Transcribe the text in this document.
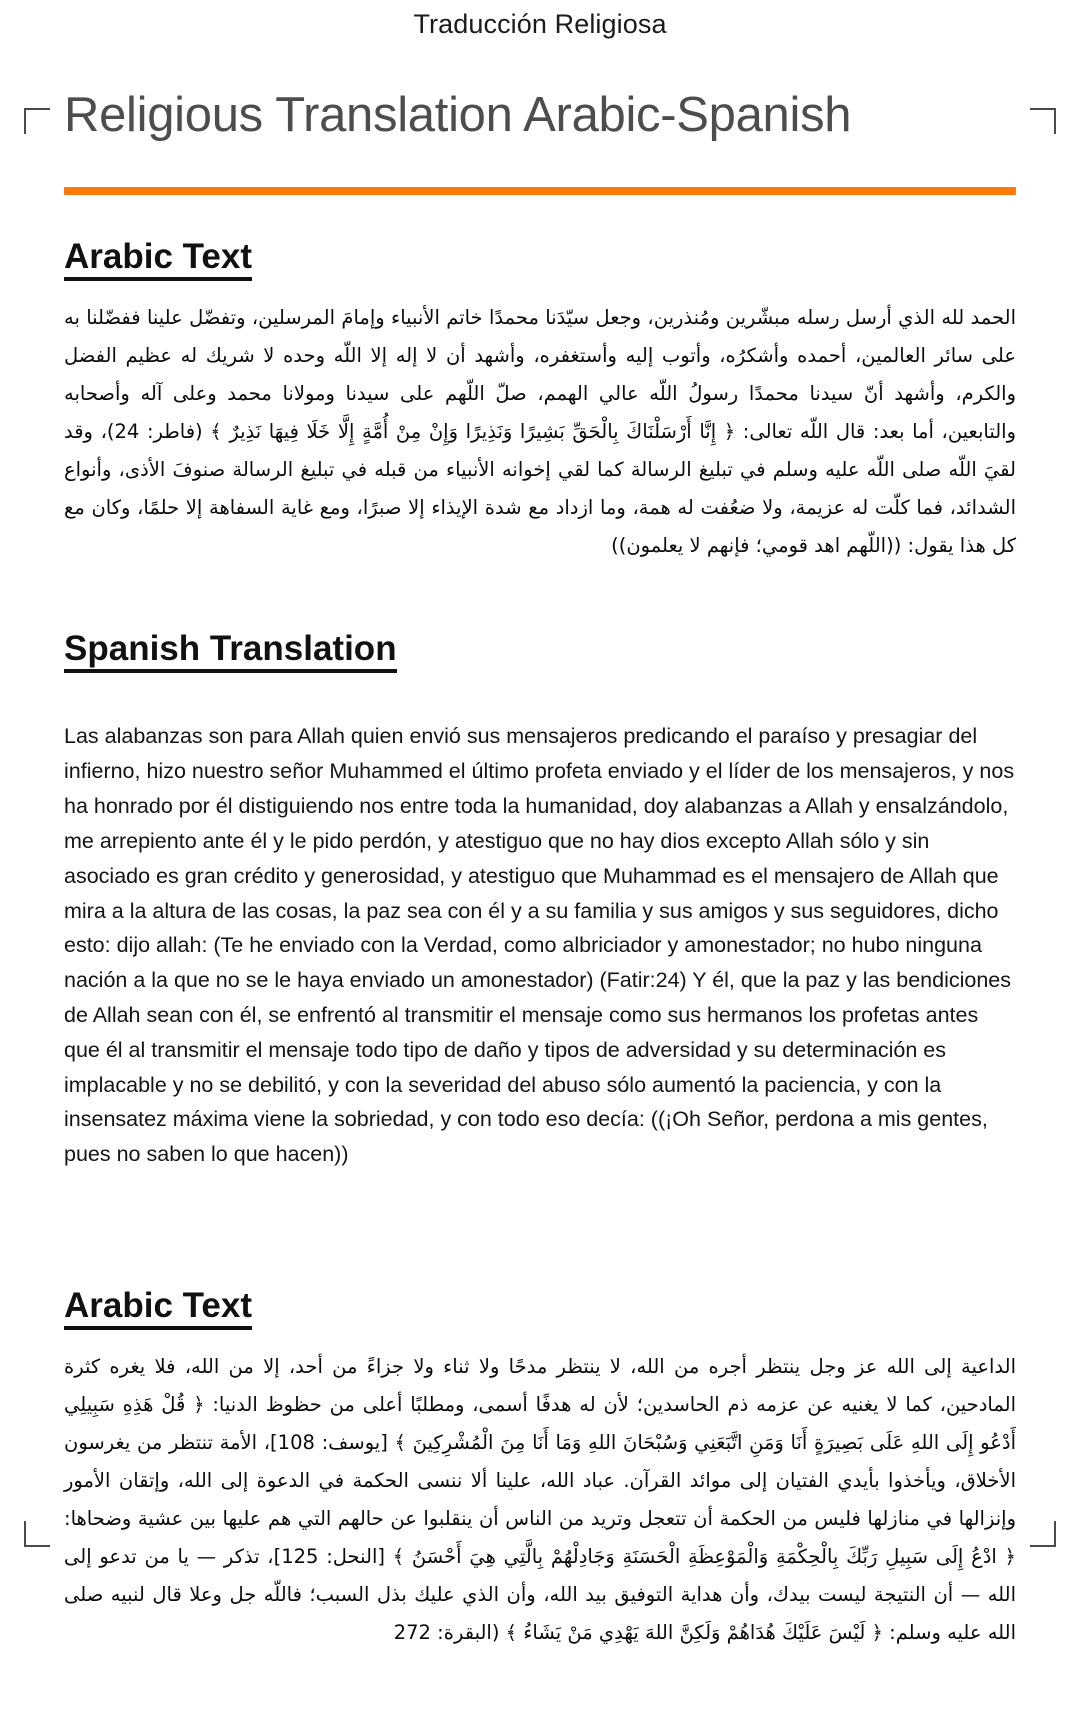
Traducción Religiosa
Religious Translation Arabic-Spanish
Arabic Text

الحمد لله الذي أرسل رسله مبشّرين ومُنذرين، وجعل سيّدَنا محمدًا خاتم الأنبياء وإمامَ المرسلين، وتفضّل علينا ففضّلنا به على سائر العالمين، أحمده وأشكرُه، وأتوب إليه وأستغفره، وأشهد أن لا إله إلا اللّه وحده لا شريك له عظيم الفضل والكرم، وأشهد أنّ سيدنا محمدًا رسولُ اللّه عالي الهمم، صلّ اللّهم على سيدنا ومولانا محمد وعلى آله وأصحابه والتابعين، أما بعد: قال اللّه تعالى: ﴿ إِنَّا أَرْسَلْنَاكَ بِالْحَقِّ بَشِيرًا وَنَذِيرًا وَإِنْ مِنْ أُمَّةٍ إِلَّا خَلَا فِيهَا نَذِيرٌ ﴾ (فاطر: 24)، وقد لقيَ اللّه صلى اللّه عليه وسلم في تبليغ الرسالة كما لقي إخوانه الأنبياء من قبله في تبليغ الرسالة صنوفَ الأذى، وأنواع الشدائد، فما كلّت له عزيمة، ولا ضعُفت له همة، وما ازداد مع شدة الإيذاء إلا صبرًا، ومع غاية السفاهة إلا حلمًا، وكان مع كل هذا يقول: ((اللّهم اهد قومي؛ فإنهم لا يعلمون))

Spanish Translation

Las alabanzas son para Allah quien envió sus mensajeros predicando el paraíso y presagiar del infierno, hizo nuestro señor Muhammed el último profeta enviado y el líder de los mensajeros, y nos ha honrado por él distiguiendo nos entre toda la humanidad, doy alabanzas a Allah y ensalzándolo, me arrepiento ante él y le pido perdón, y atestiguo que no hay dios excepto Allah sólo y sin asociado es gran crédito y generosidad, y atestiguo que Muhammad es el mensajero de Allah que mira a la altura de las cosas, la paz sea con él y a su familia y sus amigos y sus seguidores, dicho esto: dijo allah: (Te he enviado con la Verdad, como albriciador y amonestador; no hubo ninguna nación a la que no se le haya enviado un amonestador) (Fatir:24) Y él, que la paz y las bendiciones de Allah sean con él, se enfrentó al transmitir el mensaje como sus hermanos los profetas antes que él al transmitir el mensaje todo tipo de daño y tipos de adversidad y su determinación es implacable y no se debilitó, y con la severidad del abuso sólo aumentó la paciencia, y con la insensatez máxima viene la sobriedad, y con todo eso decía: ((¡Oh Señor, perdona a mis gentes, pues no saben lo que hacen))

Arabic Text

الداعية إلى الله عز وجل ينتظر أجره من الله، لا ينتظر مدحًا ولا ثناء ولا جزاءً من أحد، إلا من الله، فلا يغره كثرة المادحين، كما لا يغنيه عن عزمه ذم الحاسدين؛ لأن له هدفًا أسمى، ومطلبًا أعلى من حظوظ الدنيا: ﴿ قُلْ هَذِهِ سَبِيلِي أَدْعُو إِلَى اللهِ عَلَى بَصِيرَةٍ أَنَا وَمَنِ اتَّبَعَنِي وَسُبْحَانَ اللهِ وَمَا أَنَا مِنَ الْمُشْرِكِينَ ﴾ [يوسف: 108]، الأمة تنتظر من يغرسون الأخلاق، ويأخذوا بأيدي الفتيان إلى موائد القرآن. عباد الله، علينا ألا ننسى الحكمة في الدعوة إلى الله، وإتقان الأمور وإنزالها في منازلها فليس من الحكمة أن تتعجل وتريد من الناس أن ينقلبوا عن حالهم التي هم عليها بين عشية وضحاها: ﴿ ادْعُ إِلَى سَبِيلِ رَبِّكَ بِالْحِكْمَةِ وَالْمَوْعِظَةِ الْحَسَنَةِ وَجَادِلْهُمْ بِالَّتِي هِيَ أَحْسَنُ ﴾ [النحل: 125]، تذكر — يا من تدعو إلى الله — أن النتيجة ليست بيدك، وأن هداية التوفيق بيد الله، وأن الذي عليك بذل السبب؛ فاللّه جل وعلا قال لنبيه صلى الله عليه وسلم: ﴿ لَيْسَ عَلَيْكَ هُدَاهُمْ وَلَكِنَّ اللهَ يَهْدِي مَنْ يَشَاءُ ﴾ (البقرة: 272
